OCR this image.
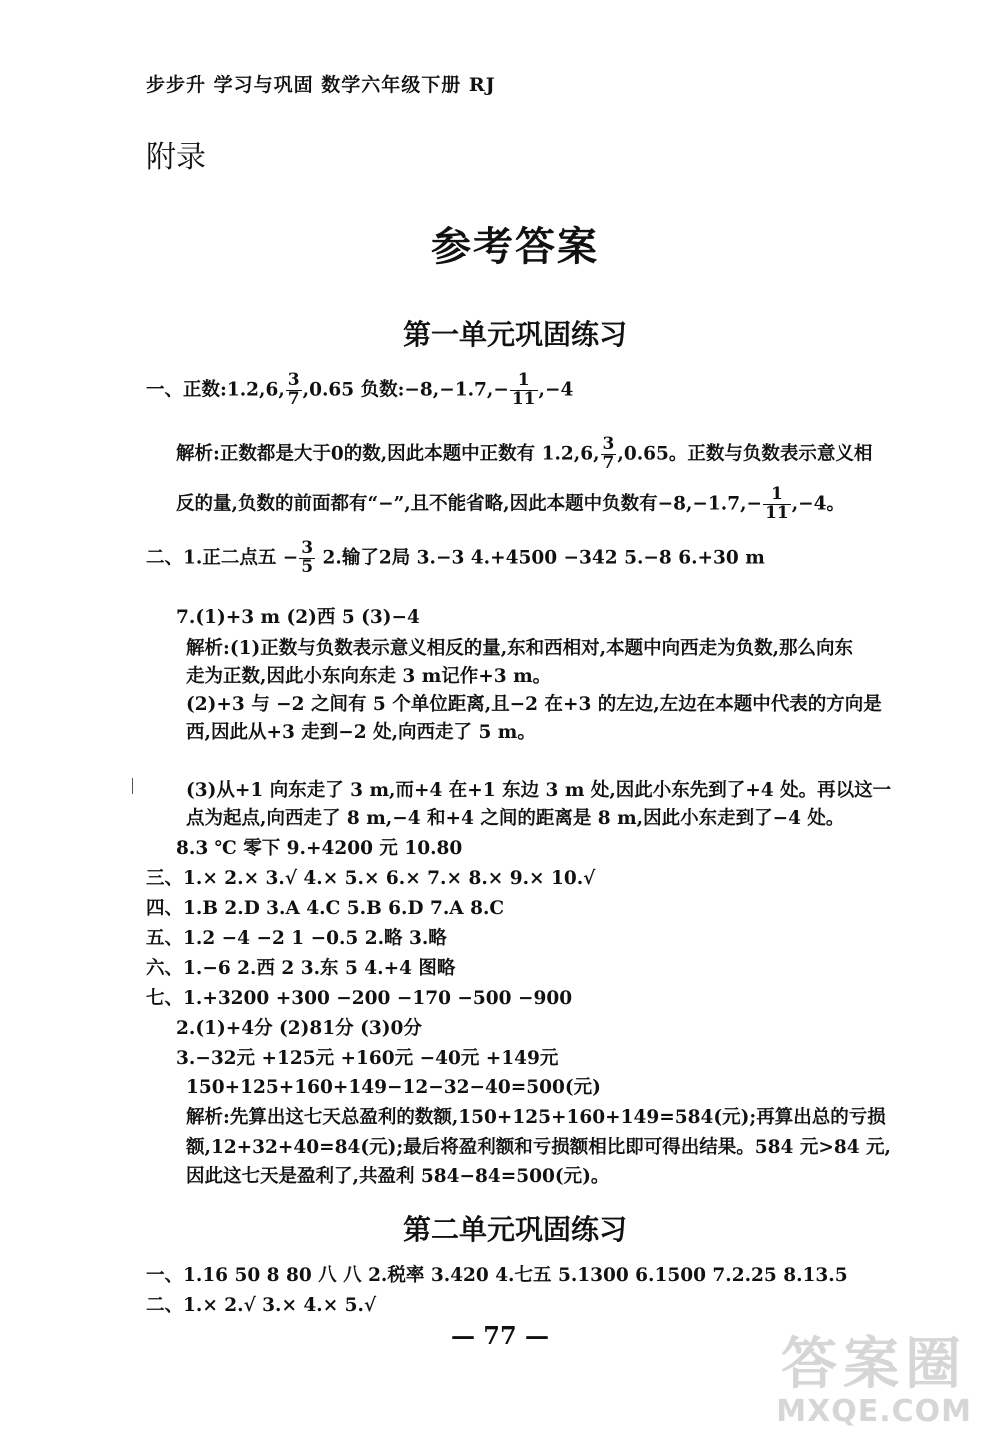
步步升 学习与巩固 数学六年级下册 RJ
附录
参考答案
第一单元巩固练习
一、正数:1.2,6, $\frac{3}{7} ,0.65$ 负数:−8,−1.7,− $\frac{1}{11} ,-4$
解析:正数都是大于0的数,因此本题中正数有 1.2,6, $\frac{3}{7} ,0.65$。正数与负数表示意义相
反的量,负数的前面都有“−”,且不能省略,因此本题中负数有$-8,-1.7,- \frac{1}{11} ,-4$。
二、1.正二点五 − $\frac{3}{5} 2$.输了2局 3.−3 4.+4500 −342 5.−8 6.+30 m
7.(1)+3 m (2)西 5 (3)−4
解析:(1)正数与负数表示意义相反的量,东和西相对,本题中向西走为负数,那么向东
走为正数,因此小东向东走 3 m记作+3 m。
(2)+3 与 −2 之间有 5 个单位距离,且−2 在+3 的左边,左边在本题中代表的方向是
西,因此从+3 走到−2 处,向西走了 5 m。
(3)从+1 向东走了 3 m,而+4 在+1 东边 3 m 处,因此小东先到了+4 处。再以这一
点为起点,向西走了 8 m,−4 和+4 之间的距离是 8 m,因此小东走到了−4 处。
8.3 ℃ 零下 9.+4200 元 10.80
三、1.× 2.× 3.√ 4.× 5.× 6.× 7.× 8.× 9.× 10.√
四、1.B 2.D 3.A 4.C 5.B 6.D 7.A 8.C
五、1.2 −4 −2 1 −0.5 2.略 3.略
六、1.−6 2.西 2 3.东 5 4.+4 图略
七、1.+3200 +300 −200 −170 −500 −900
2.(1)+4分 (2)81分 (3)0分
3.−32元 +125元 +160元 −40元 +149元
150+125+160+149−12−32−40=500(元)
解析:先算出这七天总盈利的数额,150+125+160+149=584(元);再算出总的亏损
额,12+32+40=84(元);最后将盈利额和亏损额相比即可得出结果。584 元>84 元,
因此这七天是盈利了,共盈利 584−84=500(元)。
第二单元巩固练习
一、1.16 50 8 80 八 八 2.税率 3.420 4.七五 5.1300 6.1500 7.2.25 8.13.5
二、1.× 2.√ 3.× 4.× 5.√
— 77 —	答案圈
MXQE.COM
